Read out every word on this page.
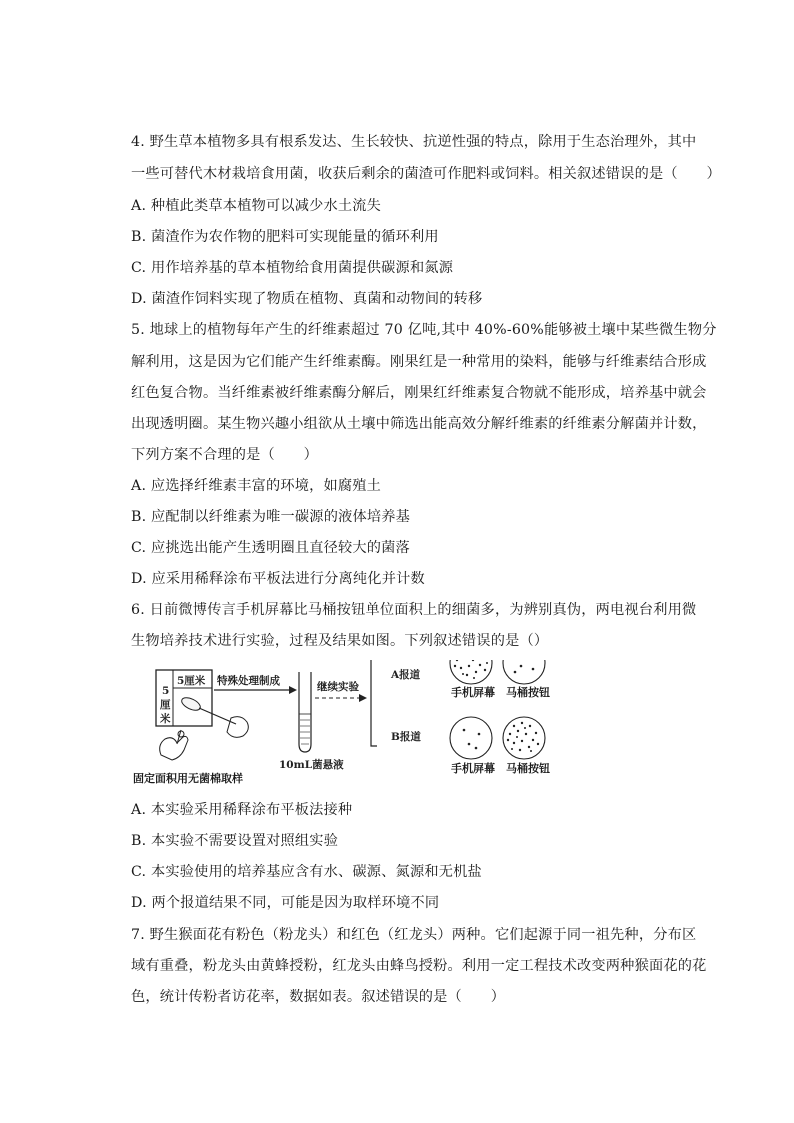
4. 野生草本植物多具有根系发达、生长较快、抗逆性强的特点，除用于生态治理外，其中
一些可替代木材栽培食用菌，收获后剩余的菌渣可作肥料或饲料。相关叙述错误的是（　　）
A. 种植此类草本植物可以减少水土流失
B. 菌渣作为农作物的肥料可实现能量的循环利用
C. 用作培养基的草本植物给食用菌提供碳源和氮源
D. 菌渣作饲料实现了物质在植物、真菌和动物间的转移
5. 地球上的植物每年产生的纤维素超过 70 亿吨,其中 40%-60%能够被土壤中某些微生物分
解利用，这是因为它们能产生纤维素酶。刚果红是一种常用的染料，能够与纤维素结合形成
红色复合物。当纤维素被纤维素酶分解后，刚果红纤维素复合物就不能形成，培养基中就会
出现透明圈。某生物兴趣小组欲从土壤中筛选出能高效分解纤维素的纤维素分解菌并计数，
下列方案不合理的是（　　）
A. 应选择纤维素丰富的环境，如腐殖土
B. 应配制以纤维素为唯一碳源的液体培养基
C. 应挑选出能产生透明圈且直径较大的菌落
D. 应采用稀释涂布平板法进行分离纯化并计数
6. 日前微博传言手机屏幕比马桶按钮单位面积上的细菌多，为辨别真伪，两电视台利用微
生物培养技术进行实验，过程及结果如图。下列叙述错误的是（）
5厘米
5
厘
米
特殊处理制成
10mL菌悬液
继续实验
A报道
B报道
手机屏幕 马桶按钮
手机屏幕 马桶按钮
固定面积用无菌棉取样
A. 本实验采用稀释涂布平板法接种
B. 本实验不需要设置对照组实验
C. 本实验使用的培养基应含有水、碳源、氮源和无机盐
D. 两个报道结果不同，可能是因为取样环境不同
7. 野生猴面花有粉色（粉龙头）和红色（红龙头）两种。它们起源于同一祖先种，分布区
域有重叠，粉龙头由黄蜂授粉，红龙头由蜂鸟授粉。利用一定工程技术改变两种猴面花的花
色，统计传粉者访花率，数据如表。叙述错误的是（　　）
